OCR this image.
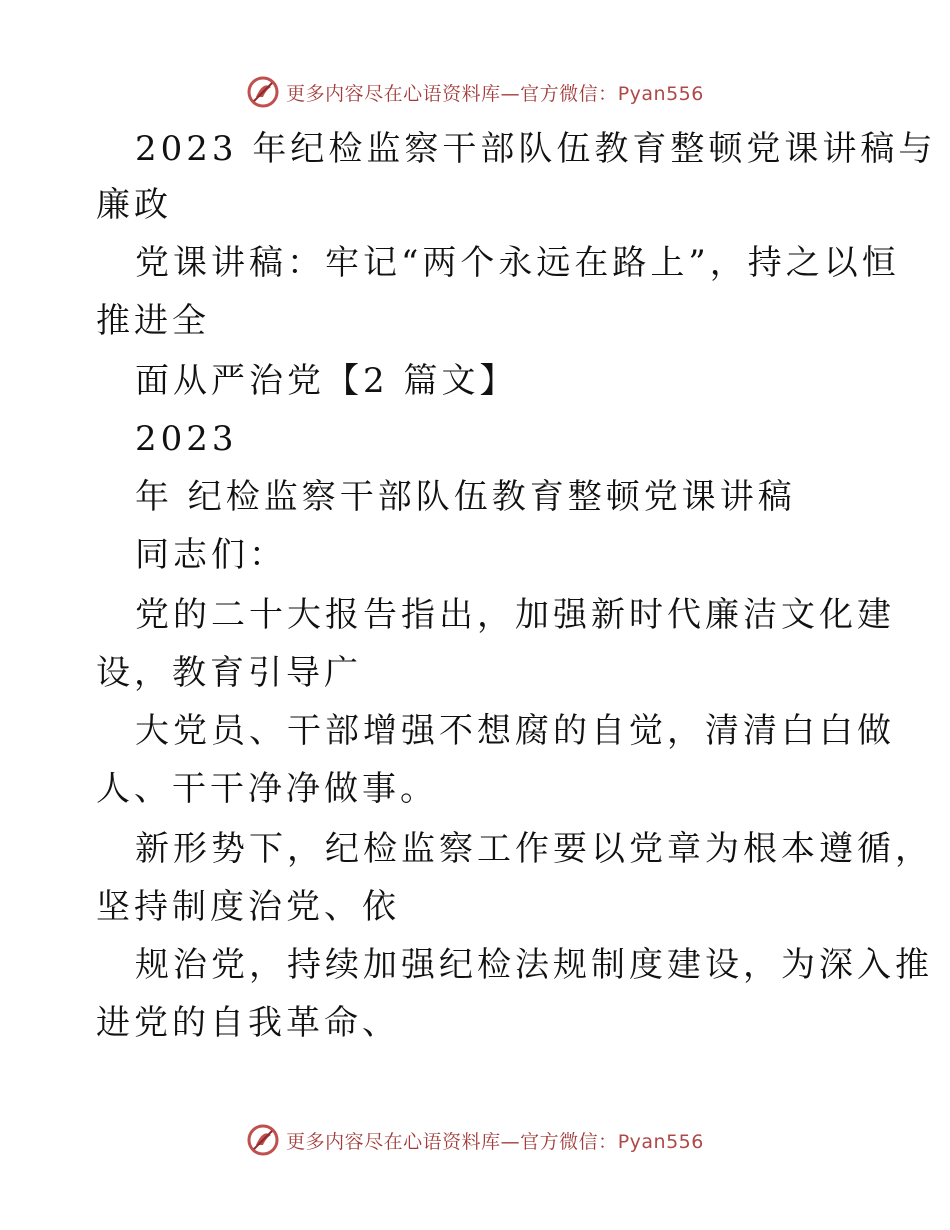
更多内容尽在心语资料库—官方微信：Pyan556
2023 年纪检监察干部队伍教育整顿党课讲稿与
廉政
党课讲稿：牢记“两个永远在路上”，持之以恒
推进全
面从严治党【2 篇文】
2023
年 纪检监察干部队伍教育整顿党课讲稿
同志们：
党的二十大报告指出，加强新时代廉洁文化建
设，教育引导广
大党员、干部增强不想腐的自觉，清清白白做
人、干干净净做事。
新形势下，纪检监察工作要以党章为根本遵循，
坚持制度治党、依
规治党，持续加强纪检法规制度建设，为深入推
进党的自我革命、
更多内容尽在心语资料库—官方微信：Pyan556
